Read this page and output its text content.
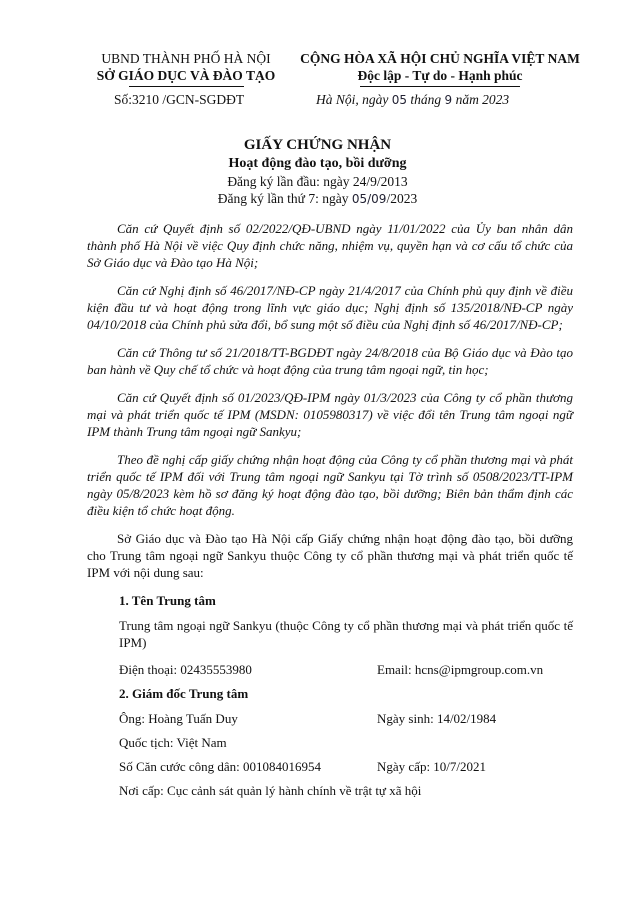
UBND THÀNH PHỐ HÀ NỘI
SỞ GIÁO DỤC VÀ ĐÀO TẠO
CỘNG HÒA XÃ HỘI CHỦ NGHĨA VIỆT NAM
Độc lập - Tự do - Hạnh phúc
Số:3210 /GCN-SGDĐT	Hà Nội, ngày 05 tháng 9 năm 2023
GIẤY CHỨNG NHẬN
Hoạt động đào tạo, bồi dưỡng
Đăng ký lần đầu: ngày 24/9/2013
Đăng ký lần thứ 7: ngày 05/09/2023

Căn cứ Quyết định số 02/2022/QĐ-UBND ngày 11/01/2022 của Ủy ban nhân dân thành phố Hà Nội về việc Quy định chức năng, nhiệm vụ, quyền hạn và cơ cấu tổ chức của Sở Giáo dục và Đào tạo Hà Nội;

Căn cứ Nghị định số 46/2017/NĐ-CP ngày 21/4/2017 của Chính phủ quy định về điều kiện đầu tư và hoạt động trong lĩnh vực giáo dục; Nghị định số 135/2018/NĐ-CP ngày 04/10/2018 của Chính phủ sửa đổi, bổ sung một số điều của Nghị định số 46/2017/NĐ-CP;

Căn cứ Thông tư số 21/2018/TT-BGDĐT ngày 24/8/2018 của Bộ Giáo dục và Đào tạo ban hành về Quy chế tổ chức và hoạt động của trung tâm ngoại ngữ, tin học;

Căn cứ Quyết định số 01/2023/QĐ-IPM ngày 01/3/2023 của Công ty cổ phần thương mại và phát triển quốc tế IPM (MSDN: 0105980317) về việc đổi tên Trung tâm ngoại ngữ IPM thành Trung tâm ngoại ngữ Sankyu;

Theo đề nghị cấp giấy chứng nhận hoạt động của Công ty cổ phần thương mại và phát triển quốc tế IPM đối với Trung tâm ngoại ngữ Sankyu tại Tờ trình số 0508/2023/TT-IPM ngày 05/8/2023 kèm hồ sơ đăng ký hoạt động đào tạo, bồi dưỡng; Biên bản thẩm định các điều kiện tổ chức hoạt động.

Sở Giáo dục và Đào tạo Hà Nội cấp Giấy chứng nhận hoạt động đào tạo, bồi dưỡng cho Trung tâm ngoại ngữ Sankyu thuộc Công ty cổ phần thương mại và phát triển quốc tế IPM với nội dung sau:

1. Tên Trung tâm
Trung tâm ngoại ngữ Sankyu (thuộc Công ty cổ phần thương mại và phát triển quốc tế IPM)
Điện thoại: 02435553980	Email: hcns@ipmgroup.com.vn
2. Giám đốc Trung tâm
Ông: Hoàng Tuấn Duy	Ngày sinh: 14/02/1984
Quốc tịch: Việt Nam
Số Căn cước công dân: 001084016954	Ngày cấp: 10/7/2021
Nơi cấp: Cục cảnh sát quản lý hành chính về trật tự xã hội
